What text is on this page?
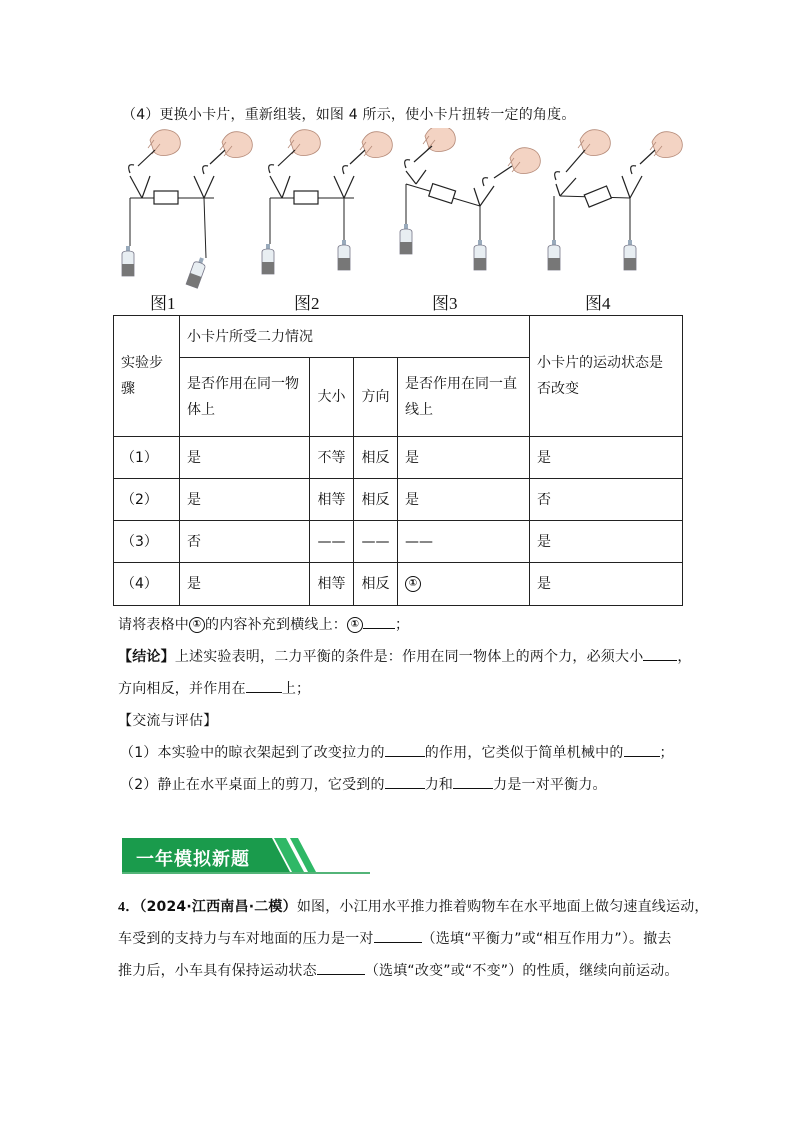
（4）更换小卡片，重新组装，如图 4 所示，使小卡片扭转一定的角度。
图1	图2	图3	图4
实验步骤	小卡片所受二力情况				小卡片的运动状态是否改变
	是否作用在同一物体上	大小	方向	是否作用在同一直线上	
（1）	是	不等	相反	是	是
（2）	是	相等	相反	是	否
（3）	否	——	——	——	是
（4）	是	相等	相反	①	是
请将表格中 ① 的内容补充到横线上： ①	；
【结论】上述实验表明，二力平衡的条件是：作用在同一物体上的两个力，必须大小 ，
方向相反，并作用在	上；
【交流与评估】
（1）本实验中的晾衣架起到了改变拉力的	的作用，它类似于简单机械中的	；
（2）静止在水平桌面上的剪刀，它受到的	力和	力是一对平衡力。
一年模拟新题
4．（2024·江西南昌·二模）如图，小江用水平推力推着购物车在水平地面上做匀速直线运动，
车受到的支持力与车对地面的压力是一对	（选填“平衡力”或“相互作用力”）。撤去
推力后，小车具有保持运动状态	（选填“改变”或“不变”）的性质，继续向前运动。
